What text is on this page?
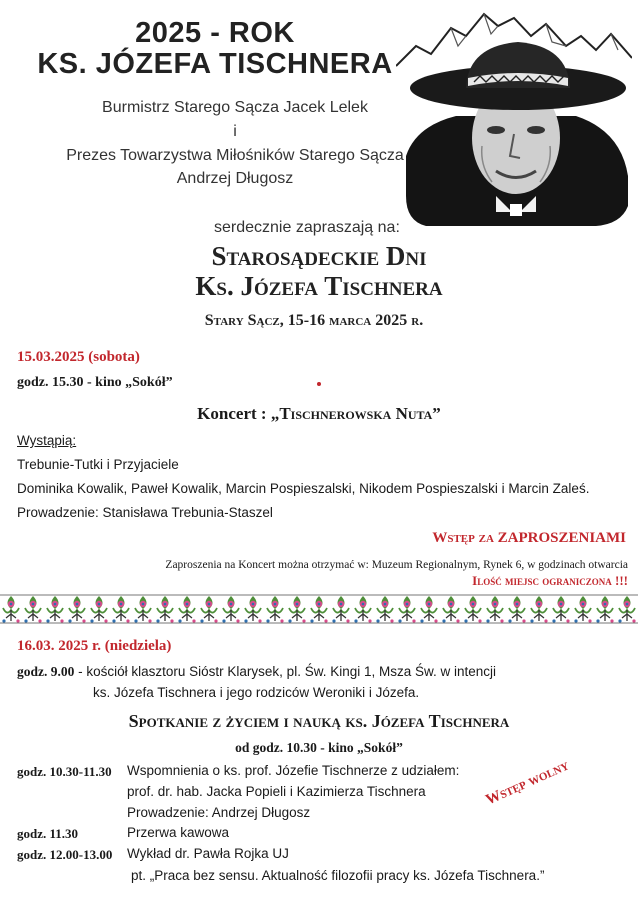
2025 - ROK
KS. JÓZEFA TISCHNERA
Burmistrz Starego Sącza Jacek Lelek
i
Prezes Towarzystwa Miłośników Starego Sącza
Andrzej Długosz
serdecznie zapraszają na:
Starosądeckie Dni
Ks. Józefa Tischnera
Stary Sącz, 15-16 marca 2025 r.
15.03.2025 (sobota)
godz. 15.30 - kino „Sokół”
Koncert : „Tischnerowska Nuta”
Wystąpią:
Trebunie-Tutki i Przyjaciele
Dominika Kowalik, Paweł Kowalik, Marcin Pospieszalski, Nikodem Pospieszalski i Marcin Zaleś.
Prowadzenie: Stanisława Trebunia-Staszel
Wstęp za ZAPROSZENIAMI
Zaproszenia na Koncert można otrzymać w: Muzeum Regionalnym, Rynek 6, w godzinach otwarcia
Ilość miejsc ograniczona !!!
16.03. 2025 r. (niedziela)
godz. 9.00 - kościół klasztoru Sióstr Klarysek, pl. Św. Kingi 1, Msza Św. w intencji
ks. Józefa Tischnera i jego rodziców Weroniki i Józefa.
Spotkanie z życiem i nauką ks. Józefa Tischnera
od godz. 10.30 - kino „Sokół”
godz. 10.30-11.30 Wspomnienia o ks. prof. Józefie Tischnerze z udziałem:
prof. dr. hab. Jacka Popieli i Kazimierza Tischnera
Prowadzenie: Andrzej Długosz
godz. 11.30	Przerwa kawowa
godz. 12.00-13.00 Wykład dr. Pawła Rojka UJ
pt. „Praca bez sensu. Aktualność filozofii pracy ks. Józefa Tischnera.”
Wstęp wolny
